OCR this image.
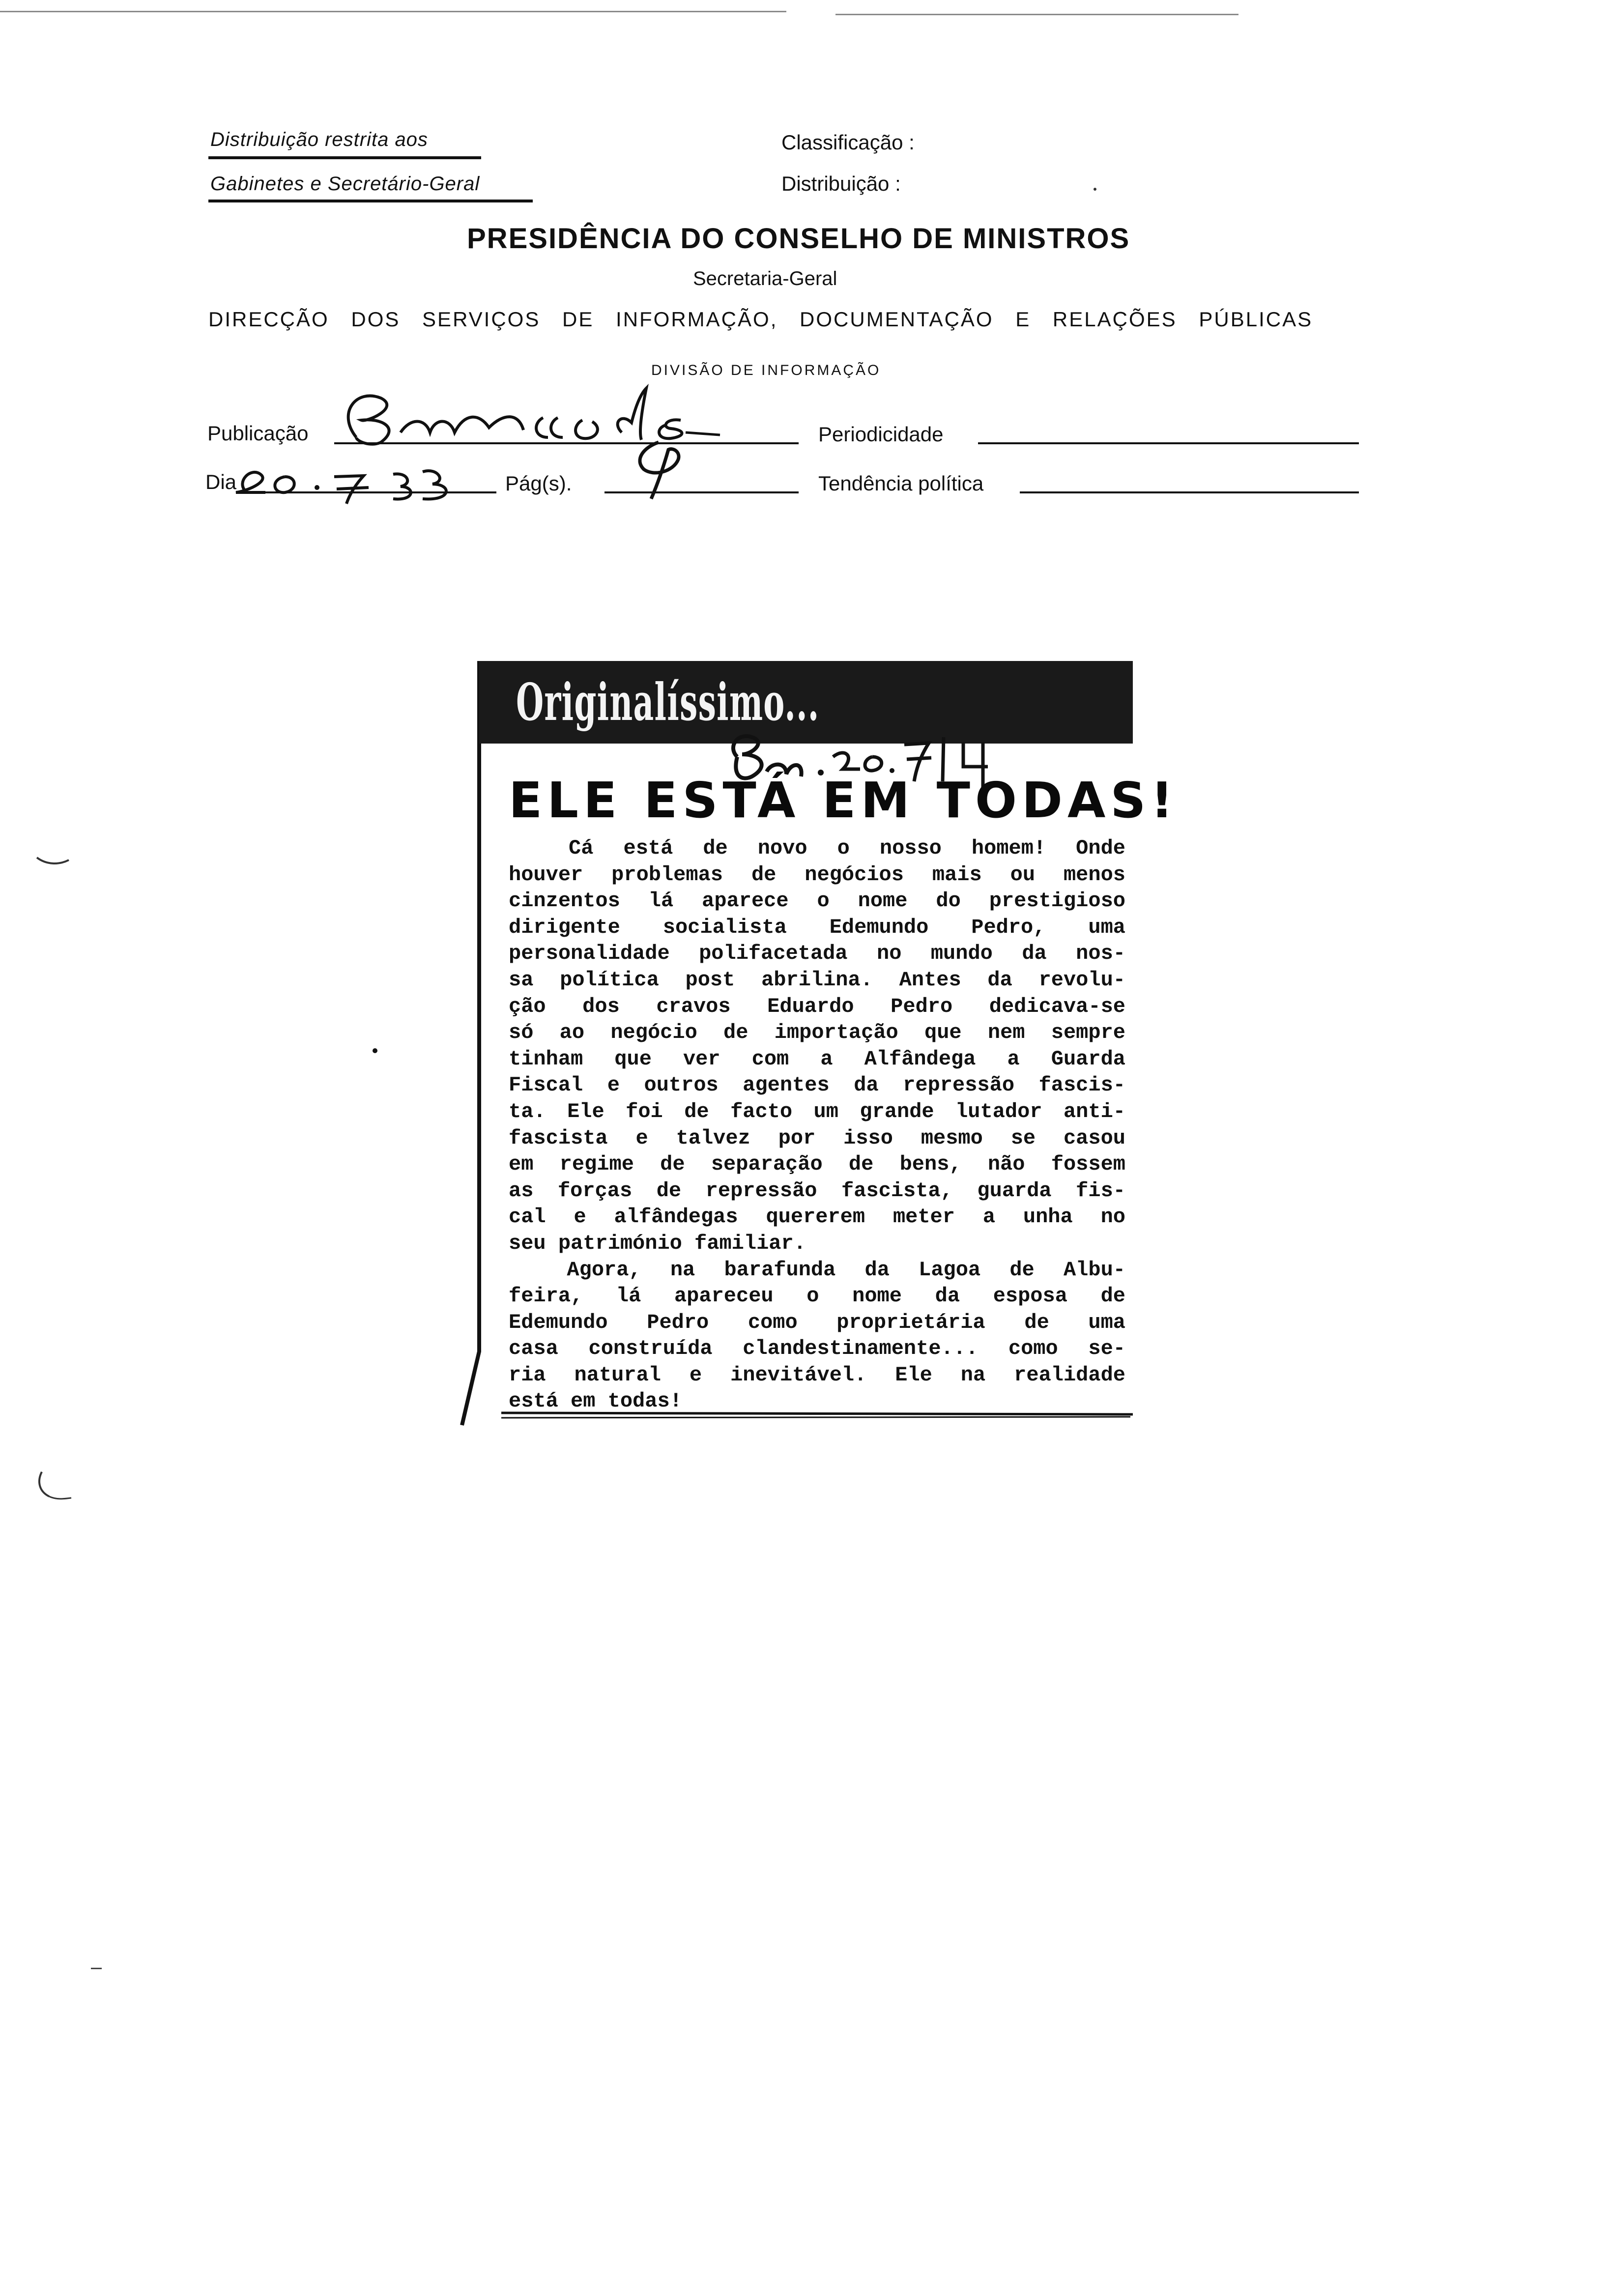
Distribuição restrita aos
Gabinetes e Secretário-Geral
Classificação :
Distribuição :
PRESIDÊNCIA DO CONSELHO DE MINISTROS
Secretaria-Geral
DIRECÇÃO DOS SERVIÇOS DE INFORMAÇÃO, DOCUMENTAÇÃO E RELAÇÕES PÚBLICAS
DIVISÃO DE INFORMAÇÃO
Publicação	Periodicidade
Dia	Pág(s).	Tendência política
Originalíssimo...
ELE ESTÁ EM TODAS!
Cá está de novo o nosso homem! Onde
houver problemas de negócios mais ou menos
cinzentos lá aparece o nome do prestigioso
dirigente socialista Edemundo Pedro, uma
personalidade polifacetada no mundo da nos-
sa política post abrilina. Antes da revolu-
ção dos cravos Eduardo Pedro dedicava-se
só ao negócio de importação que nem sempre
tinham que ver com a Alfândega a Guarda
Fiscal e outros agentes da repressão fascis-
ta. Ele foi de facto um grande lutador anti-
fascista e talvez por isso mesmo se casou
em regime de separação de bens, não fossem
as forças de repressão fascista, guarda fis-
cal e alfândegas quererem meter a unha no
seu património familiar.
Agora, na barafunda da Lagoa de Albu-
feira, lá apareceu o nome da esposa de
Edemundo Pedro como proprietária de uma
casa construída clandestinamente... como se-
ria natural e inevitável. Ele na realidade
está em todas!
